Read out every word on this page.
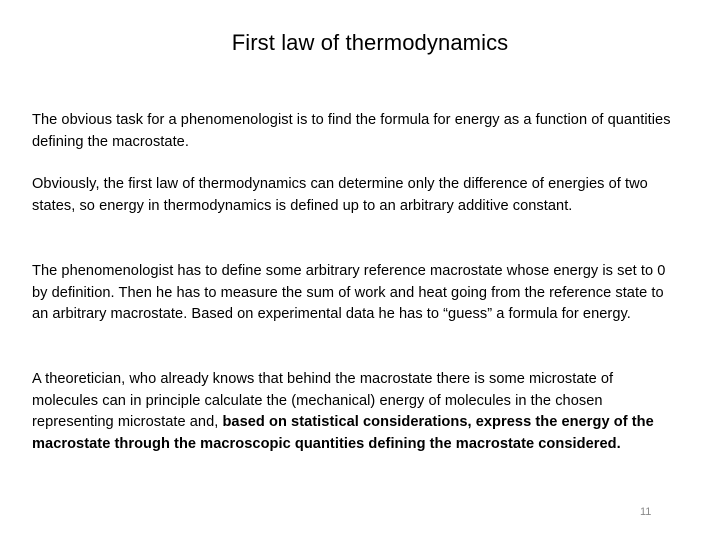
First law of thermodynamics

The obvious task for a phenomenologist is to find the formula for energy as a function of quantities defining the macrostate.

Obviously, the first law of thermodynamics can determine only the difference of energies of two states, so energy in thermodynamics is defined up to an arbitrary additive constant.

The phenomenologist has to define some arbitrary reference macrostate whose energy is set to 0 by definition. Then he has to measure the sum of work and heat going from the reference state to an arbitrary macrostate. Based on experimental data he has to “guess” a formula for energy.

A theoretician, who already knows that behind the macrostate there is some microstate of molecules can in principle calculate the (mechanical) energy of molecules in the chosen representing microstate and, based on statistical considerations, express the energy of the macrostate through the macroscopic quantities defining the macrostate considered.

11
